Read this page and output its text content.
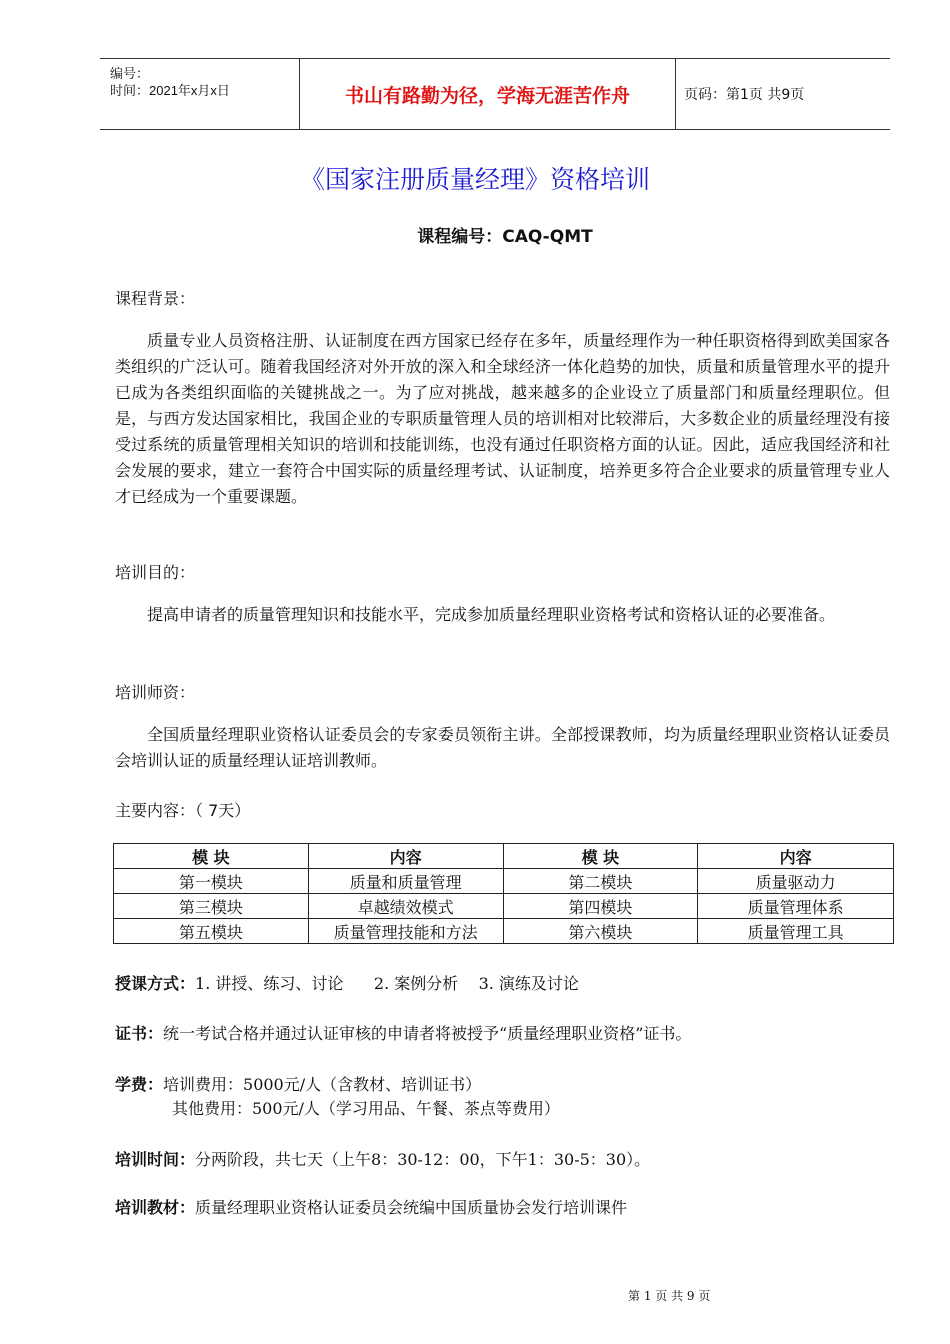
编号：
时间：2021年x月x日	书山有路勤为径，学海无涯苦作舟	页码：第1页 共9页
《国家注册质量经理》资格培训
课程编号：CAQ-QMT
课程背景：
质量专业人员资格注册、认证制度在西方国家已经存在多年，质量经理作为一种任职资格得到欧美国家各类组织的广泛认可。随着我国经济对外开放的深入和全球经济一体化趋势的加快，质量和质量管理水平的提升已成为各类组织面临的关键挑战之一。为了应对挑战，越来越多的企业设立了质量部门和质量经理职位。但是，与西方发达国家相比，我国企业的专职质量管理人员的培训相对比较滞后，大多数企业的质量经理没有接受过系统的质量管理相关知识的培训和技能训练，也没有通过任职资格方面的认证。因此，适应我国经济和社会发展的要求，建立一套符合中国实际的质量经理考试、认证制度，培养更多符合企业要求的质量管理专业人才已经成为一个重要课题。
培训目的：
提高申请者的质量管理知识和技能水平，完成参加质量经理职业资格考试和资格认证的必要准备。
培训师资：
全国质量经理职业资格认证委员会的专家委员领衔主讲。全部授课教师，均为质量经理职业资格认证委员会培训认证的质量经理认证培训教师。
主要内容：（ 7天）
模 块	内容	模 块	内容
第一模块	质量和质量管理	第二模块	质量驱动力
第三模块	卓越绩效模式	第四模块	质量管理体系
第五模块	质量管理技能和方法	第六模块	质量管理工具
授课方式：1. 讲授、练习、讨论      2. 案例分析    3. 演练及讨论
证书：统一考试合格并通过认证审核的申请者将被授予“质量经理职业资格”证书。
学费：培训费用：5000元/人（含教材、培训证书）
其他费用：500元/人（学习用品、午餐、茶点等费用）
培训时间：分两阶段，共七天（上午8：30-12：00，下午1：30-5：30）。
培训教材：质量经理职业资格认证委员会统编中国质量协会发行培训课件
第 1 页 共 9 页
